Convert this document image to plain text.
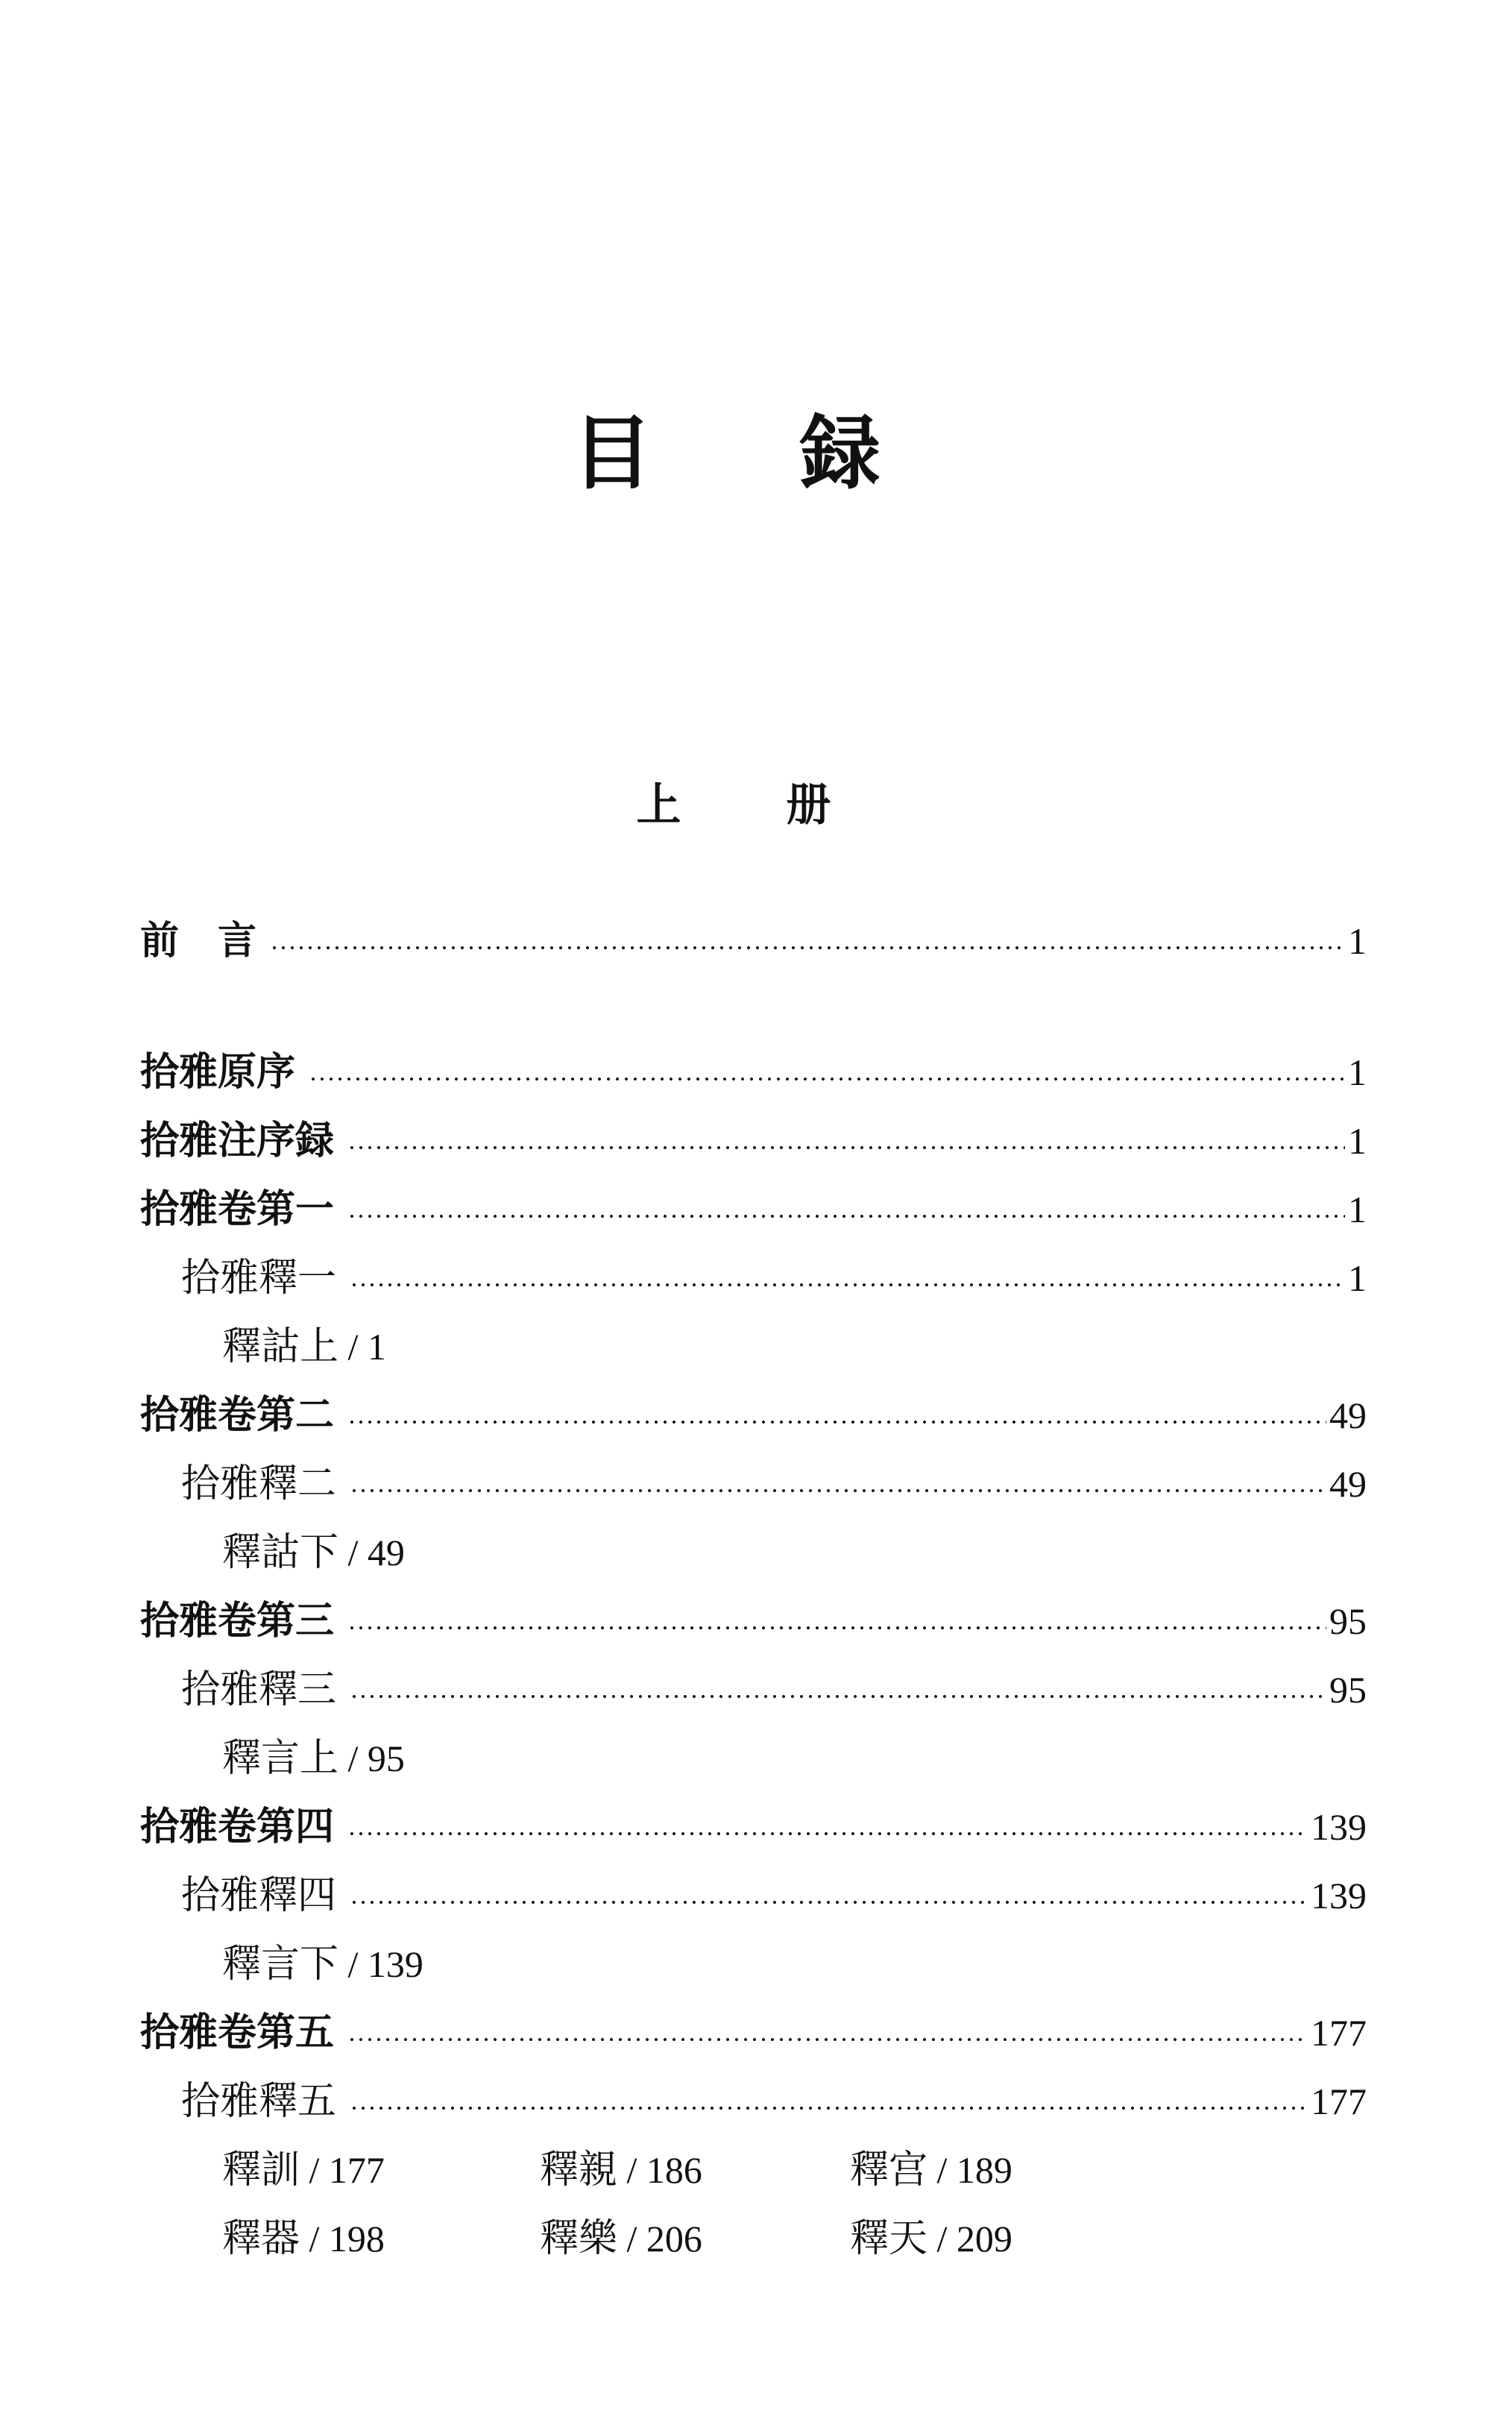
目 録
上 册
前　言	1
拾雅原序	1
拾雅注序録	1
拾雅卷第一	1
拾雅釋一	1
釋詁上 / 1
拾雅卷第二	49
拾雅釋二	49
釋詁下 / 49
拾雅卷第三	95
拾雅釋三	95
釋言上 / 95
拾雅卷第四	139
拾雅釋四	139
釋言下 / 139
拾雅卷第五	177
拾雅釋五	177
釋訓 / 177	釋親 / 186	釋宫 / 189
釋器 / 198	釋樂 / 206	釋天 / 209
